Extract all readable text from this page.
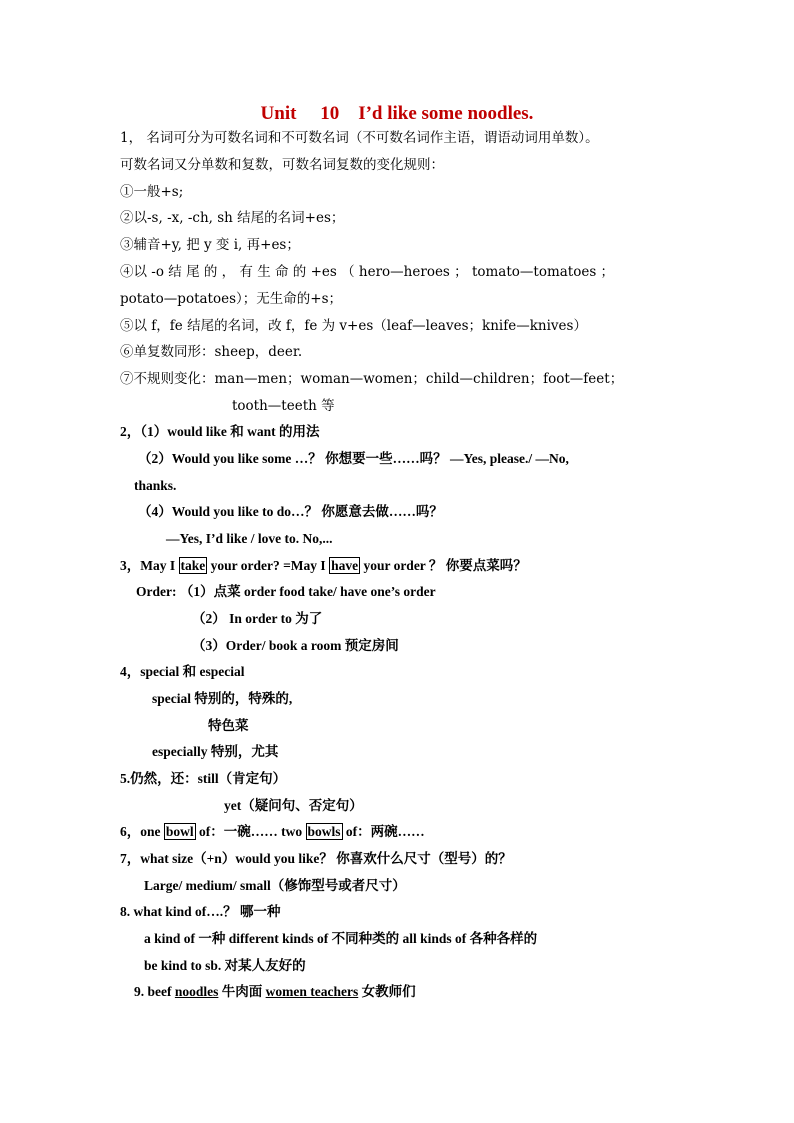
Unit　 10　I’d like some noodles.
1， 名词可分为可数名词和不可数名词（不可数名词作主语，谓语动词用单数）。
可数名词又分单数和复数，可数名词复数的变化规则：
①一般+s;
②以-s, -x, -ch, sh 结尾的名词+es；
③辅音+y, 把 y 变 i, 再+es；
④以 -o 结 尾 的 ， 有 生 命 的 +es （ hero—heroes ； tomato—tomatoes ；
potato—potatoes）；无生命的+s；
⑤以 f，fe 结尾的名词，改 f，fe 为 v+es（leaf—leaves；knife—knives）
⑥单复数同形：sheep，deer.
⑦不规则变化：man—men；woman—women；child—children；foot—feet；
tooth—teeth 等
2，（1）would like 和 want 的用法
（2）Would you like some …？ 你想要一些……吗？ —Yes, please./ —No,
thanks.
（4）Would you like to do…？ 你愿意去做……吗？
—Yes, I’d like / love to. No,...
3，May I take your order? =May I have your order ？ 你要点菜吗？
Order: （1）点菜 order food take/ have one’s order
（2） In order to 为了
（3）Order/ book a room 预定房间
4，special 和 especial
special 特别的，特殊的,
特色菜
especially 特别，尤其
5.仍然，还：still（肯定句）
yet（疑问句、否定句）
6，one bowl of：一碗…… two bowls of：两碗……
7，what size（+n）would you like？ 你喜欢什么尺寸（型号）的？
Large/ medium/ small（修饰型号或者尺寸）
8. what kind of….？ 哪一种
a kind of 一种 different kinds of 不同种类的 all kinds of 各种各样的
be kind to sb. 对某人友好的
9. beef noodles 牛肉面 women teachers 女教师们
